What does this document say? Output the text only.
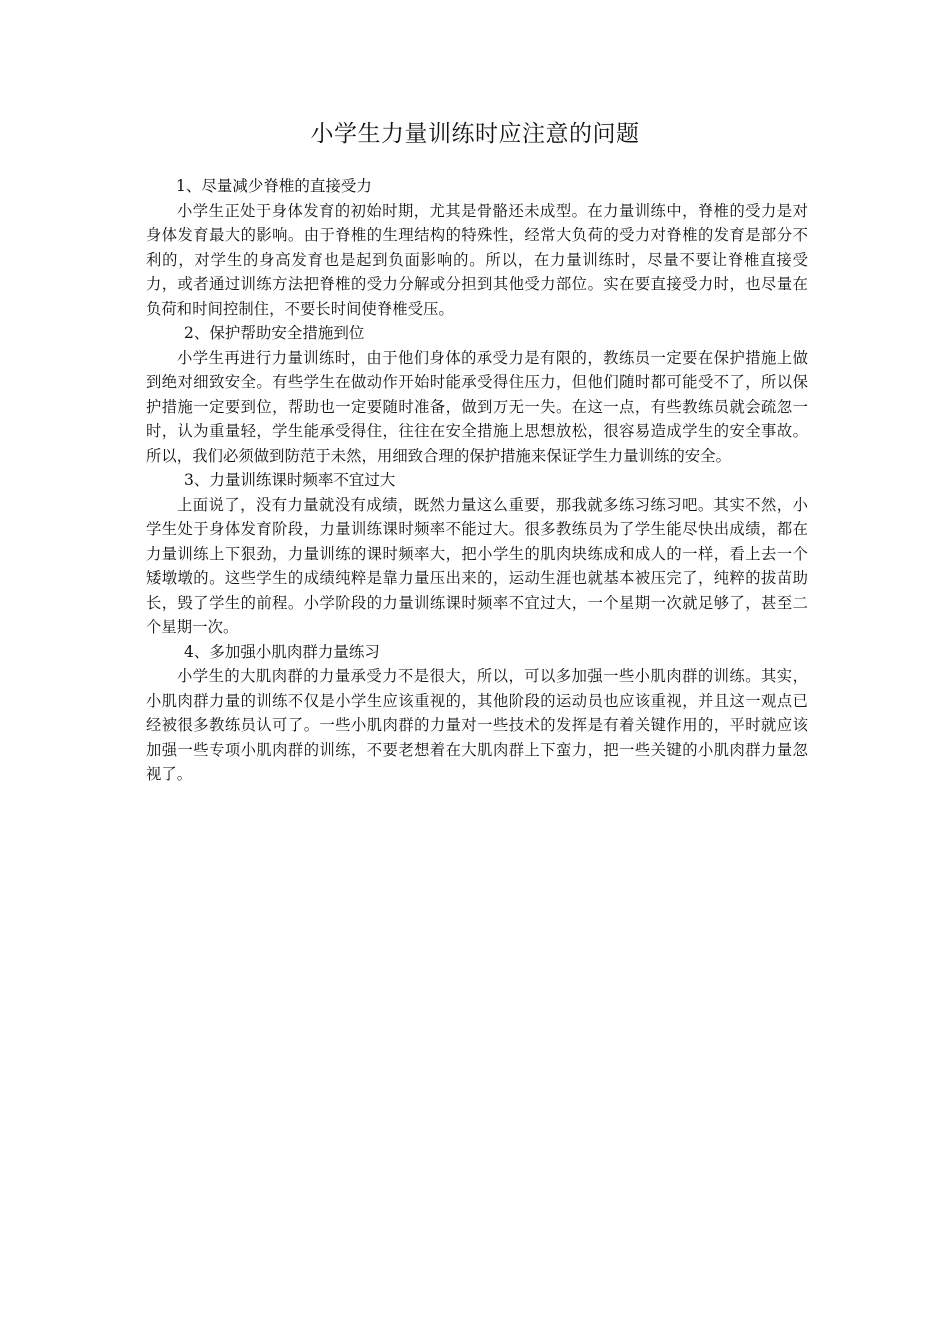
小学生力量训练时应注意的问题

1、尽量减少脊椎的直接受力

小学生正处于身体发育的初始时期，尤其是骨骼还未成型。在力量训练中，脊椎的受力是对身体发育最大的影响。由于脊椎的生理结构的特殊性，经常大负荷的受力对脊椎的发育是部分不利的，对学生的身高发育也是起到负面影响的。所以，在力量训练时，尽量不要让脊椎直接受力，或者通过训练方法把脊椎的受力分解或分担到其他受力部位。实在要直接受力时，也尽量在负荷和时间控制住，不要长时间使脊椎受压。

2、保护帮助安全措施到位

小学生再进行力量训练时，由于他们身体的承受力是有限的，教练员一定要在保护措施上做到绝对细致安全。有些学生在做动作开始时能承受得住压力，但他们随时都可能受不了，所以保护措施一定要到位，帮助也一定要随时准备，做到万无一失。在这一点，有些教练员就会疏忽一时，认为重量轻，学生能承受得住，往往在安全措施上思想放松，很容易造成学生的安全事故。所以，我们必须做到防范于未然，用细致合理的保护措施来保证学生力量训练的安全。

3、力量训练课时频率不宜过大

上面说了，没有力量就没有成绩，既然力量这么重要，那我就多练习练习吧。其实不然，小学生处于身体发育阶段，力量训练课时频率不能过大。很多教练员为了学生能尽快出成绩，都在力量训练上下狠劲，力量训练的课时频率大，把小学生的肌肉块练成和成人的一样，看上去一个矮墩墩的。这些学生的成绩纯粹是靠力量压出来的，运动生涯也就基本被压完了，纯粹的拔苗助长，毁了学生的前程。小学阶段的力量训练课时频率不宜过大，一个星期一次就足够了，甚至二个星期一次。

4、多加强小肌肉群力量练习

小学生的大肌肉群的力量承受力不是很大，所以，可以多加强一些小肌肉群的训练。其实，小肌肉群力量的训练不仅是小学生应该重视的，其他阶段的运动员也应该重视，并且这一观点已经被很多教练员认可了。一些小肌肉群的力量对一些技术的发挥是有着关键作用的，平时就应该加强一些专项小肌肉群的训练，不要老想着在大肌肉群上下蛮力，把一些关键的小肌肉群力量忽视了。
